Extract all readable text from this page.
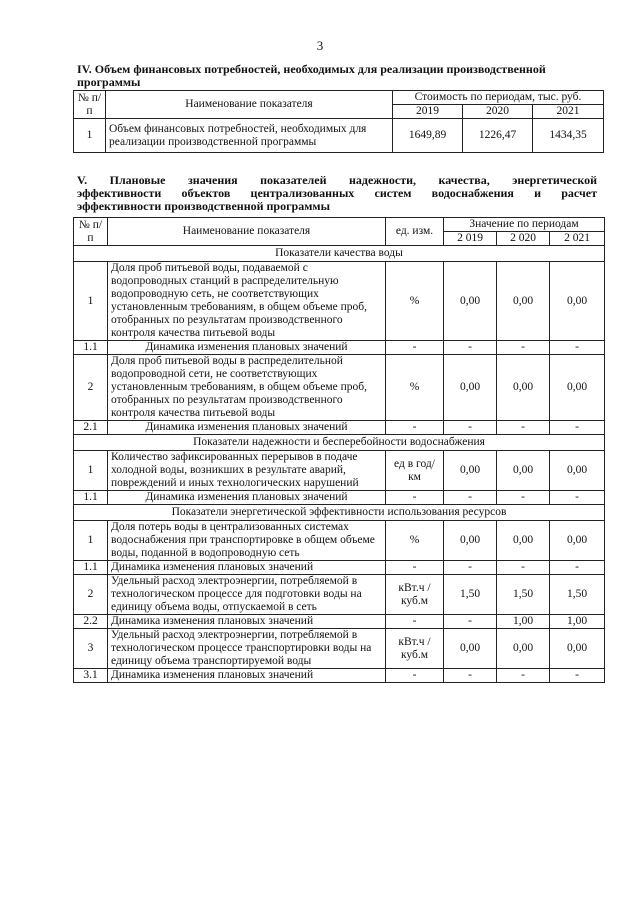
3
IV. Объем финансовых потребностей, необходимых для реализации производственной программы
№ п/п	Наименование показателя	Стоимость по периодам, тыс. руб.		
		2019	2020	2021
1	Объем финансовых потребностей, необходимых для реализации производственной программы	1649,89	1226,47	1434,35
V. Плановые значения показателей надежности, качества, энергетической
эффективности объектов централизованных систем водоснабжения и расчет
эффективности производственной программы
№ п/п	Наименование показателя	ед. изм.	Значение по периодам		
			2 019	2 020	2 021
Показатели качества воды					
1	Доля проб питьевой воды, подаваемой с водопроводных станций в распределительную водопроводную сеть, не соответствующих установленным требованиям, в общем объеме проб, отобранных по результатам производственного контроля качества питьевой воды	%	0,00	0,00	0,00
1.1	Динамика изменения плановых значений	-	-	-	-
2	Доля проб питьевой воды в распределительной водопроводной сети, не соответствующих установленным требованиям, в общем объеме проб, отобранных по результатам производственного контроля качества питьевой воды	%	0,00	0,00	0,00
2.1	Динамика изменения плановых значений	-	-	-	-
Показатели надежности и бесперебойности водоснабжения					
1	Количество зафиксированных перерывов в подаче холодной воды, возникших в результате аварий, повреждений и иных технологических нарушений	ед в год/ км	0,00	0,00	0,00
1.1	Динамика изменения плановых значений	-	-	-	-
Показатели энергетической эффективности использования ресурсов					
1	Доля потерь воды в централизованных системах водоснабжения при транспортировке в общем объеме воды, поданной в водопроводную сеть	%	0,00	0,00	0,00
1.1	Динамика изменения плановых значений	-	-	-	-
2	Удельный расход электроэнергии, потребляемой в технологическом процессе для подготовки воды на единицу объема воды, отпускаемой в сеть	кВт.ч / куб.м	1,50	1,50	1,50
2.2	Динамика изменения плановых значений	-	-	1,00	1,00
3	Удельный расход электроэнергии, потребляемой в технологическом процессе транспортировки воды на единицу объема транспортируемой воды	кВт.ч / куб.м	0,00	0,00	0,00
3.1	Динамика изменения плановых значений	-	-	-	-
